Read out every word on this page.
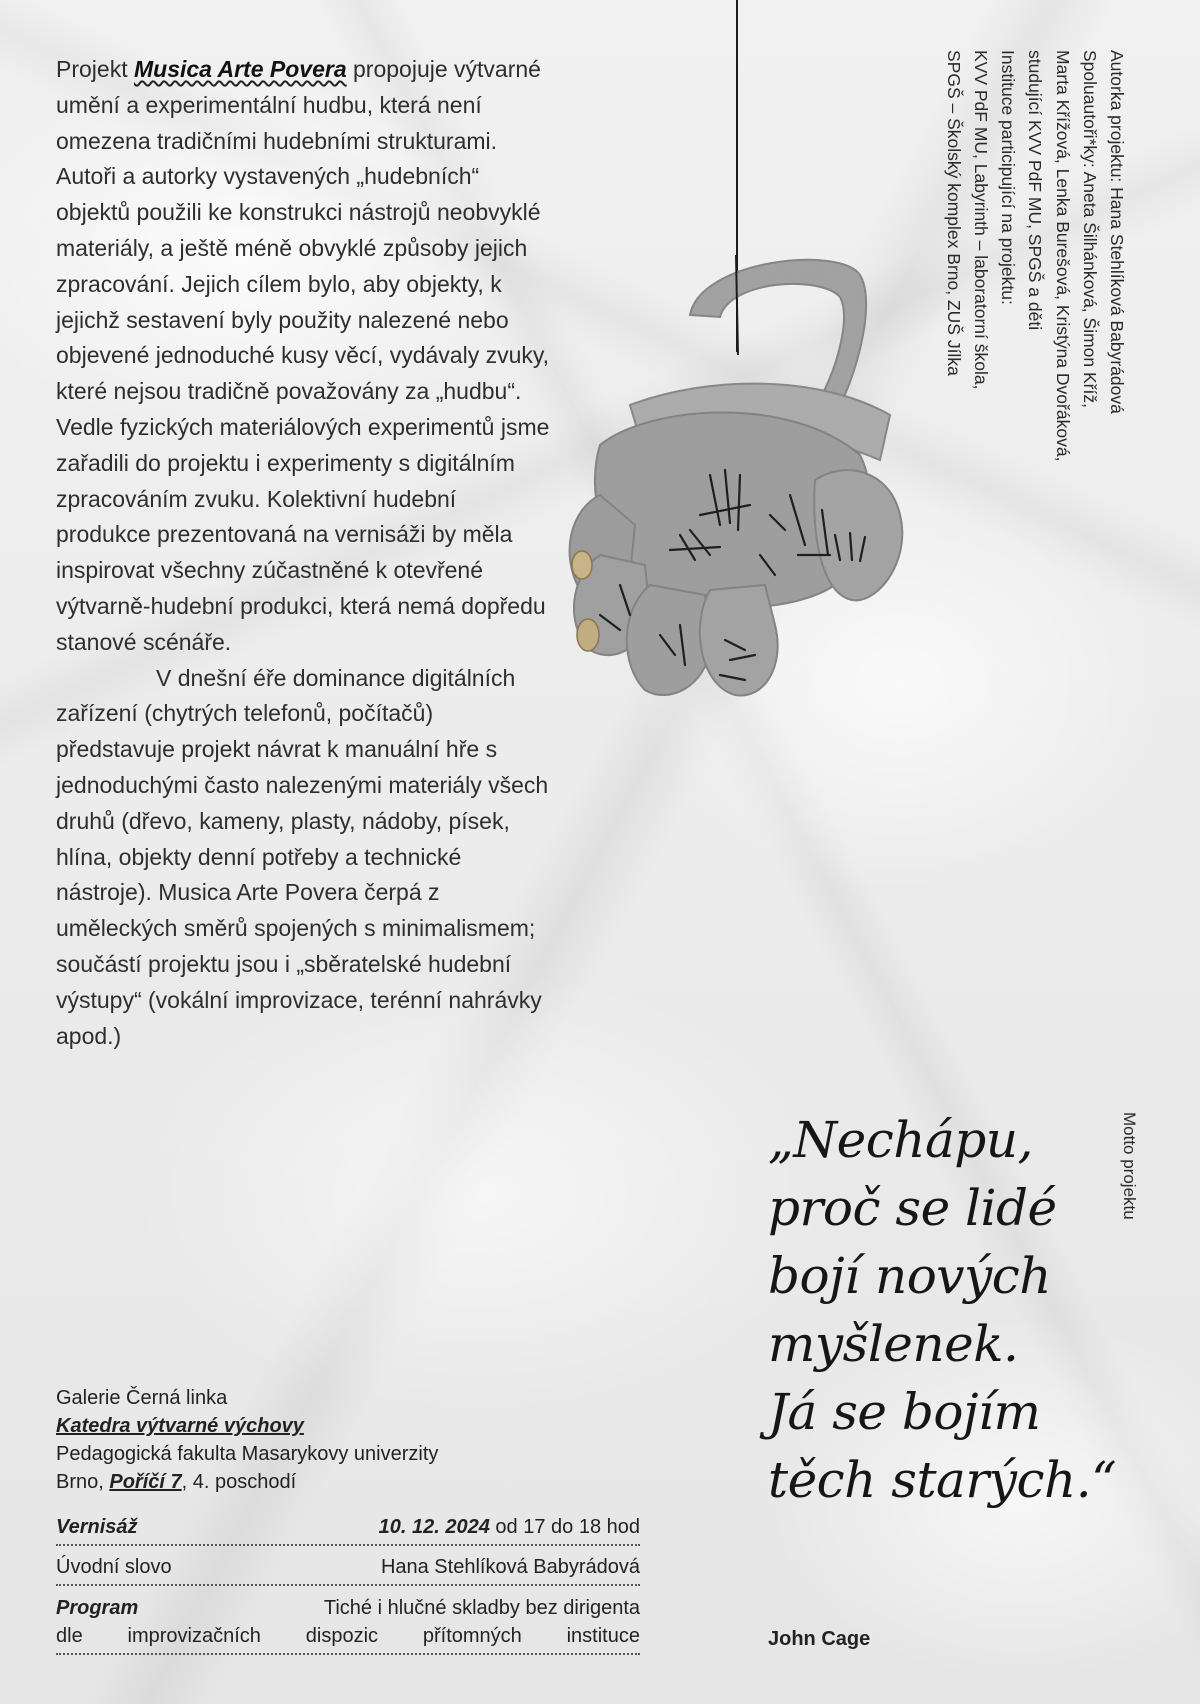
Projekt Musica Arte Povera propojuje výtvarné umění a experimentální hudbu, která není omezena tradičními hudebními strukturami. Autoři a autorky vystavených „hudebních“ objektů použili ke konstrukci nástrojů neobvyklé materiály, a ještě méně obvyklé způsoby jejich zpracování. Jejich cílem bylo, aby objekty, k jejichž sestavení byly použity nalezené nebo objevené jednoduché kusy věcí, vydávaly zvuky, které nejsou tradičně považovány za „hudbu“. Vedle fyzických materiálových experimentů jsme zařadili do projektu i experimenty s digitálním zpracováním zvuku. Kolektivní hudební produkce prezentovaná na vernisáži by měla inspirovat všechny zúčastněné k otevřené výtvarně-hudební produkci, která nemá dopředu stanové scénáře.

V dnešní éře dominance digitálních zařízení (chytrých telefonů, počítačů) představuje projekt návrat k manuální hře s jednoduchými často nalezenými materiály všech druhů (dřevo, kameny, plasty, nádoby, písek, hlína, objekty denní potřeby a technické nástroje). Musica Arte Povera čerpá z uměleckých směrů spojených s minimalismem; součástí projektu jsou i „sběratelské hudební výstupy“ (vokální improvizace, terénní nahrávky apod.)

Autorka projektu: Hana Stehlíková Babyrádová
Spoluautoři*ky: Aneta Šilhánková, Šimon Kříž,
Marta Křížová, Lenka Burešová, Kristýna Dvořáková,
studující KVV PdF MU, SPGŠ a děti
Instituce participující na projektu:
KVV PdF MU, Labyrinth – laboratorní škola,
SPGŠ – Školský komplex Brno, ZUŠ Jílka
Motto projektu
„Nechápu,
proč se lidé
bojí nových
myšlenek.
Já se bojím
těch starých.“
John Cage
Galerie Černá linka
Katedra výtvarné výchovy
Pedagogická fakulta Masarykovy univerzity
Brno, Poříčí 7, 4. poschodí
Vernisáž	10. 12. 2024 od 17 do 18 hod
Úvodní slovo	Hana Stehlíková Babyrádová
Program	Tiché i hlučné skladby bez dirigenta
dle improvizačních dispozic přítomných instituce
